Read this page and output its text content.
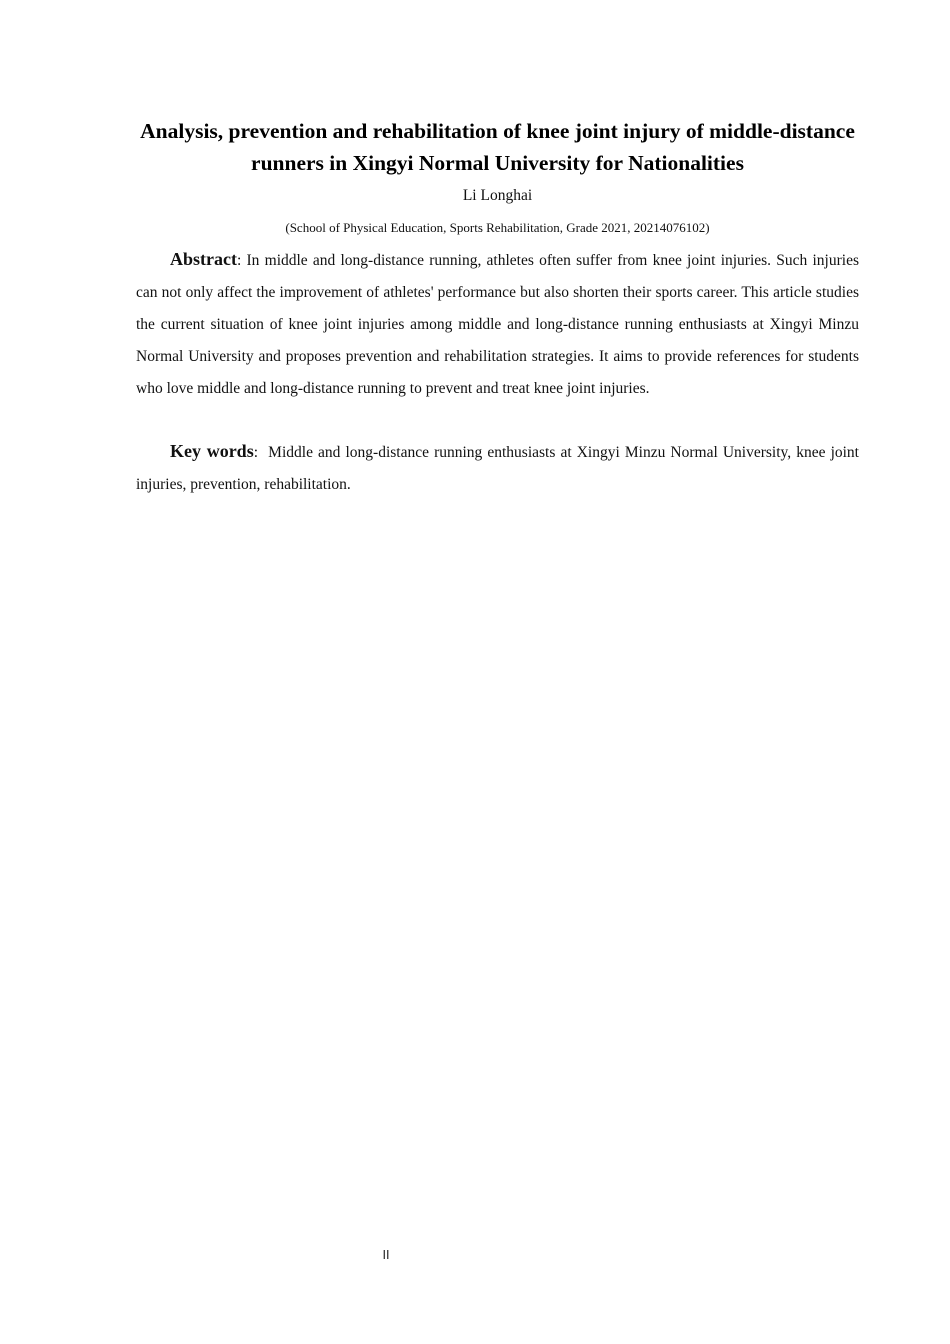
Analysis, prevention and rehabilitation of knee joint injury of middle-distance runners in Xingyi Normal University for Nationalities
Li Longhai
(School of Physical Education, Sports Rehabilitation, Grade 2021, 20214076102)

Abstract: In middle and long-distance running, athletes often suffer from knee joint injuries. Such injuries can not only affect the improvement of athletes' performance but also shorten their sports career. This article studies the current situation of knee joint injuries among middle and long-distance running enthusiasts at Xingyi Minzu Normal University and proposes prevention and rehabilitation strategies. It aims to provide references for students who love middle and long-distance running to prevent and treat knee joint injuries.

Key words:  Middle and long-distance running enthusiasts at Xingyi Minzu Normal University, knee joint injuries, prevention, rehabilitation.

II
